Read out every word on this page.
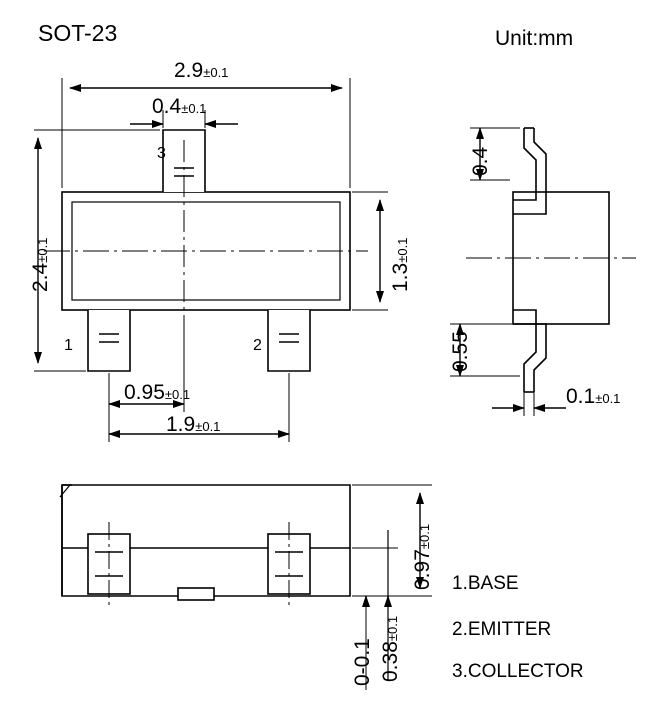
SOT-23	Unit:mm
2.9±0.1
0.4±0.1
1.3±0.1
2.4±0.1
0.95±0.1
1.9±0.1
3
1	2
0.4
0.55
0.1±0.1
0.97±0.1
0.38±0.1
0-0.1
1.BASE
2.EMITTER
3.COLLECTOR
